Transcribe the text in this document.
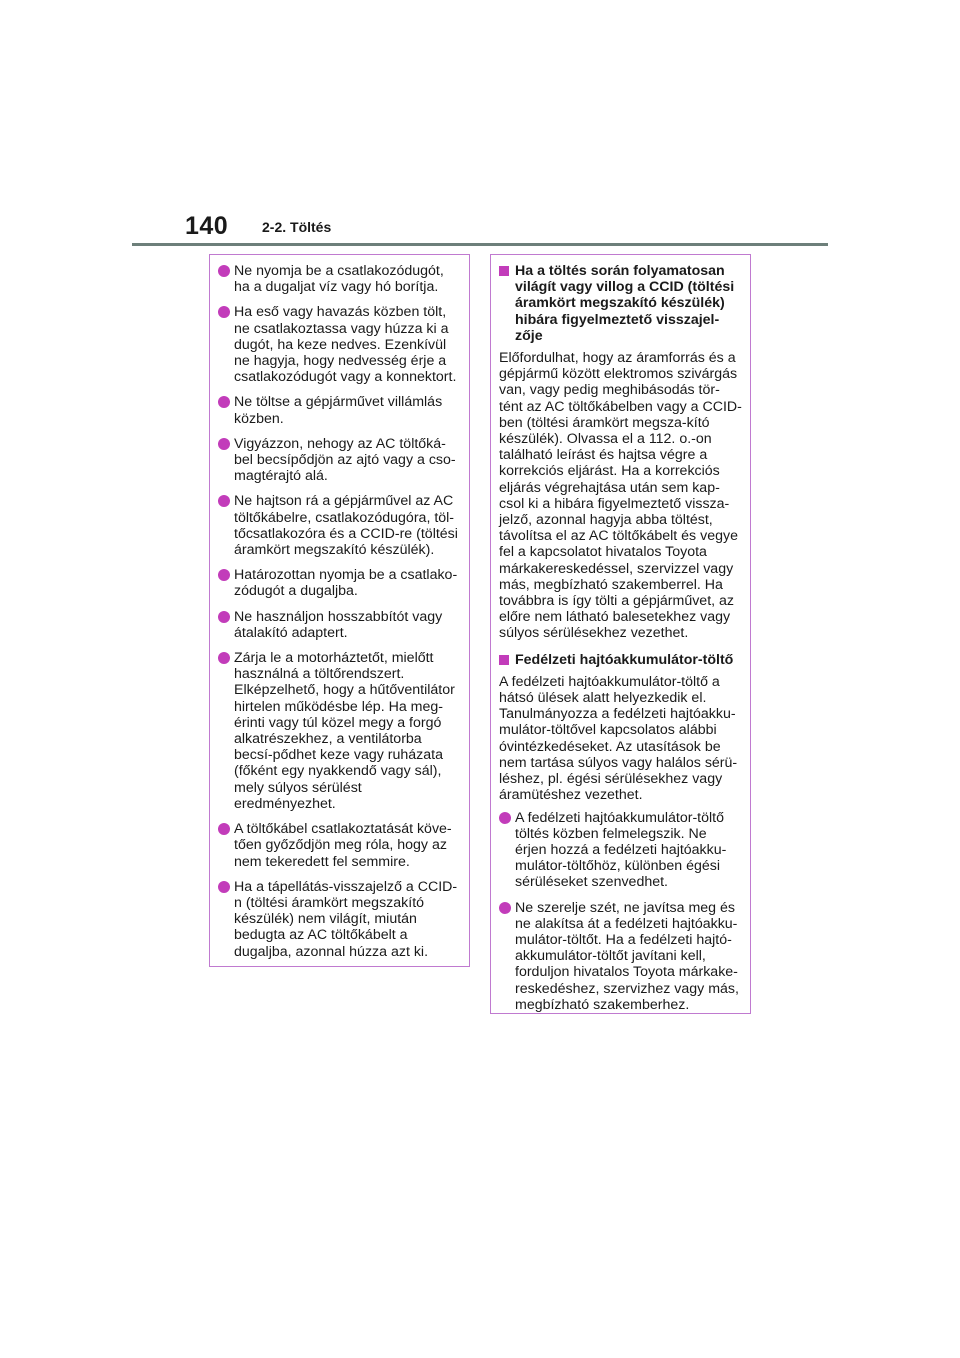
140 2-2. Töltés
Ne nyomja be a csatlakozódugót, ha a dugaljat víz vagy hó borítja.
Ha eső vagy havazás közben tölt, ne csatlakoztassa vagy húzza ki a dugót, ha keze nedves. Ezenkívül ne hagyja, hogy nedvesség érje a csatlakozódugót vagy a konnektort.
Ne töltse a gépjárművet villámlás közben.
Vigyázzon, nehogy az AC töltőká-bel becsípődjön az ajtó vagy a cso-magtérajtó alá.
Ne hajtson rá a gépjárművel az AC töltőkábelre, csatlakozódugóra, töl-tőcsatlakozóra és a CCID-re (töltési áramkört megszakító készülék).
Határozottan nyomja be a csatlako-zódugót a dugaljba.
Ne használjon hosszabbítót vagy átalakító adaptert.
Zárja le a motorháztetőt, mielőtt használná a töltőrendszert. Elképzelhető, hogy a hűtőventilátor hirtelen működésbe lép. Ha meg-érinti vagy túl közel megy a forgó alkatrészekhez, a ventilátorba becsí-pődhet keze vagy ruházata (főként egy nyakkendő vagy sál), mely súlyos sérülést eredményezhet.
A töltőkábel csatlakoztatását köve-tően győződjön meg róla, hogy az nem tekeredett fel semmire.
Ha a tápellátás-visszajelző a CCID-n (töltési áramkört megszakító készülék) nem világít, miután bedugta az AC töltőkábelt a dugaljba, azonnal húzza azt ki.
Ha a töltés során folyamatosan világít vagy villog a CCID (töltési áramkört megszakító készülék) hibára figyelmeztető visszajel-zője
Előfordulhat, hogy az áramforrás és a gépjármű között elektromos szivárgás van, vagy pedig meghibásodás tör-tént az AC töltőkábelben vagy a CCID-ben (töltési áramkört megsza-kító készülék). Olvassa el a 112. o.-on található leírást és hajtsa végre a korrekciós eljárást. Ha a korrekciós eljárás végrehajtása után sem kap-csol ki a hibára figyelmeztető vissza-jelző, azonnal hagyja abba töltést, távolítsa el az AC töltőkábelt és vegye fel a kapcsolatot hivatalos Toyota márkakereskedéssel, szervizzel vagy más, megbízható szakemberrel. Ha továbbra is így tölti a gépjárművet, az előre nem látható balesetekhez vagy súlyos sérülésekhez vezethet.
Fedélzeti hajtóakkumulátor-töltő
A fedélzeti hajtóakkumulátor-töltő a hátsó ülések alatt helyezkedik el. Tanulmányozza a fedélzeti hajtóakku-mulátor-töltővel kapcsolatos alábbi óvintézkedéseket. Az utasítások be nem tartása súlyos vagy halálos sérü-léshez, pl. égési sérülésekhez vagy áramütéshez vezethet.
A fedélzeti hajtóakkumulátor-töltő töltés közben felmelegszik. Ne érjen hozzá a fedélzeti hajtóakku-mulátor-töltőhöz, különben égési sérüléseket szenvedhet.
Ne szerelje szét, ne javítsa meg és ne alakítsa át a fedélzeti hajtóakku-mulátor-töltőt. Ha a fedélzeti hajtó-akkumulátor-töltőt javítani kell, forduljon hivatalos Toyota márkake-reskedéshez, szervizhez vagy más, megbízható szakemberhez.
